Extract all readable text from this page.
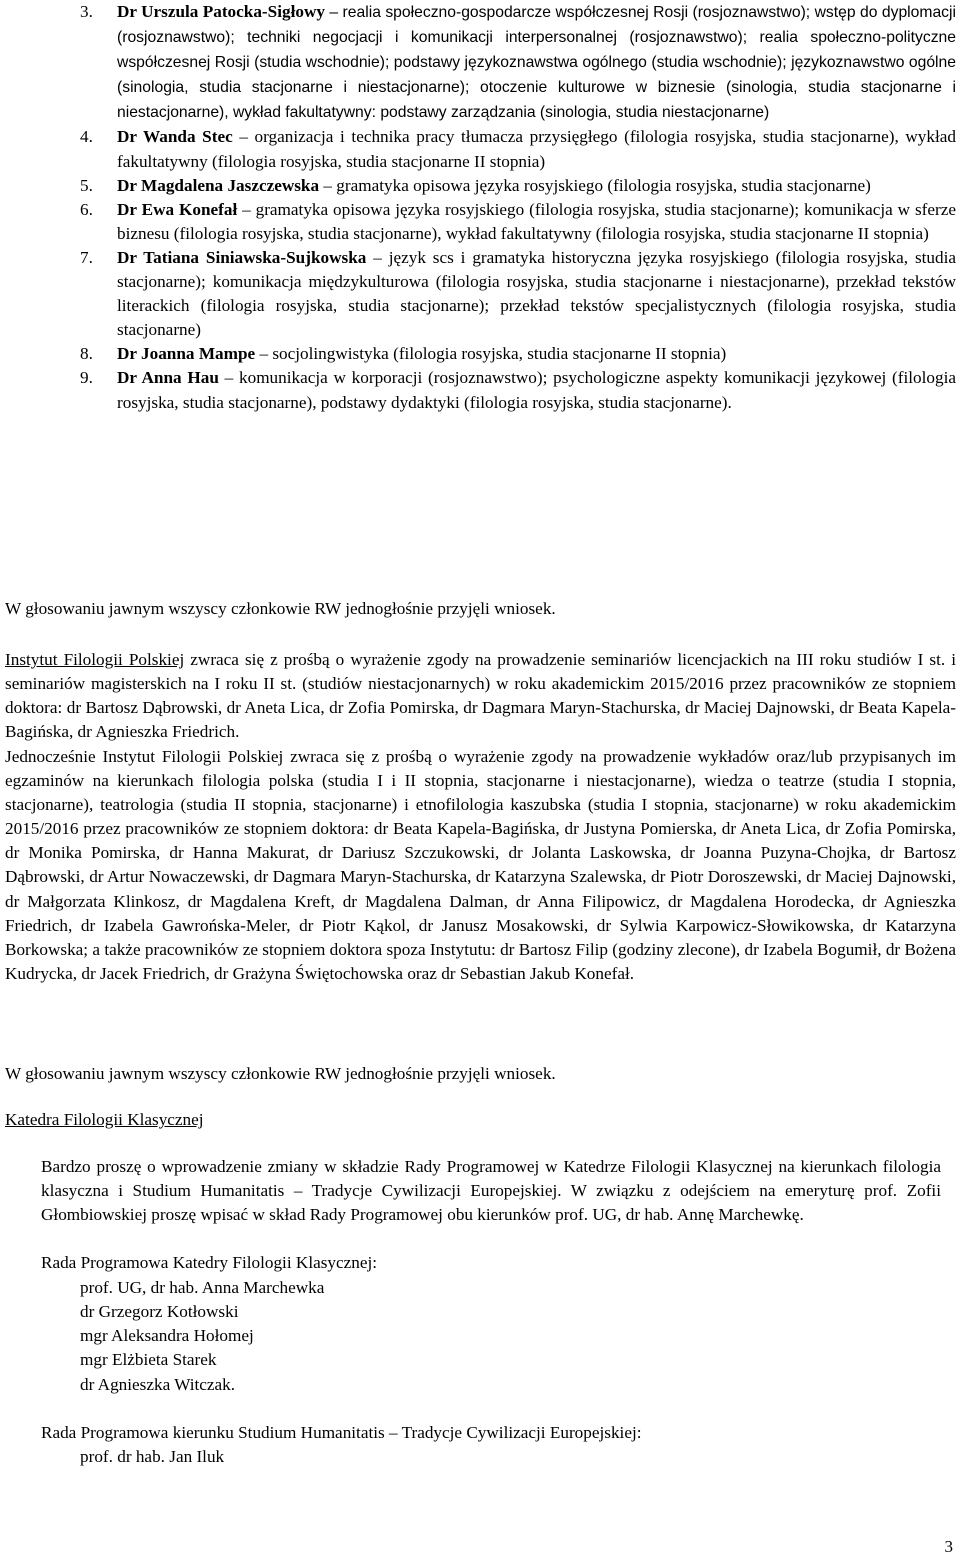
3.	Dr Urszula Patocka-Sigłowy – realia społeczno-gospodarcze współczesnej Rosji (rosjoznawstwo); wstęp do dyplomacji (rosjoznawstwo); techniki negocjacji i komunikacji interpersonalnej (rosjoznawstwo); realia społeczno-polityczne współczesnej Rosji (studia wschodnie); podstawy językoznawstwa ogólnego (studia wschodnie); językoznawstwo ogólne (sinologia, studia stacjonarne i niestacjonarne); otoczenie kulturowe w biznesie (sinologia, studia stacjonarne i niestacjonarne), wykład fakultatywny: podstawy zarządzania (sinologia, studia niestacjonarne)
4.	Dr Wanda Stec – organizacja i technika pracy tłumacza przysięgłego (filologia rosyjska, studia stacjonarne), wykład fakultatywny (filologia rosyjska, studia stacjonarne II stopnia)
5.	Dr Magdalena Jaszczewska – gramatyka opisowa języka rosyjskiego (filologia rosyjska, studia stacjonarne)
6.	Dr Ewa Konefał – gramatyka opisowa języka rosyjskiego (filologia rosyjska, studia stacjonarne); komunikacja w sferze biznesu (filologia rosyjska, studia stacjonarne), wykład fakultatywny (filologia rosyjska, studia stacjonarne II stopnia)
7.	Dr Tatiana Siniawska-Sujkowska – język scs i gramatyka historyczna języka rosyjskiego (filologia rosyjska, studia stacjonarne); komunikacja międzykulturowa (filologia rosyjska, studia stacjonarne i niestacjonarne), przekład tekstów literackich (filologia rosyjska, studia stacjonarne); przekład tekstów specjalistycznych (filologia rosyjska, studia stacjonarne)
8.	Dr Joanna Mampe – socjolingwistyka (filologia rosyjska, studia stacjonarne II stopnia)
9.	Dr Anna Hau – komunikacja w korporacji (rosjoznawstwo); psychologiczne aspekty komunikacji językowej (filologia rosyjska, studia stacjonarne), podstawy dydaktyki (filologia rosyjska, studia stacjonarne).

W głosowaniu jawnym wszyscy członkowie RW jednogłośnie przyjęli wniosek.

Instytut Filologii Polskiej zwraca się z prośbą o wyrażenie zgody na prowadzenie seminariów licencjackich na III roku studiów I st. i seminariów magisterskich na I roku II st. (studiów niestacjonarnych) w roku akademickim 2015/2016 przez pracowników ze stopniem doktora: dr Bartosz Dąbrowski, dr Aneta Lica, dr Zofia Pomirska, dr Dagmara Maryn-Stachurska, dr Maciej Dajnowski, dr Beata Kapela-Bagińska, dr Agnieszka Friedrich.

Jednocześnie Instytut Filologii Polskiej zwraca się z prośbą o wyrażenie zgody na prowadzenie wykładów oraz/lub przypisanych im egzaminów na kierunkach filologia polska (studia I i II stopnia, stacjonarne i niestacjonarne), wiedza o teatrze (studia I stopnia, stacjonarne), teatrologia (studia II stopnia, stacjonarne) i etnofilologia kaszubska (studia I stopnia, stacjonarne) w roku akademickim 2015/2016 przez pracowników ze stopniem doktora: dr Beata Kapela-Bagińska, dr Justyna Pomierska, dr Aneta Lica, dr Zofia Pomirska, dr Monika Pomirska, dr Hanna Makurat, dr Dariusz Szczukowski, dr Jolanta Laskowska, dr Joanna Puzyna-Chojka, dr Bartosz Dąbrowski, dr Artur Nowaczewski, dr Dagmara Maryn-Stachurska, dr Katarzyna Szalewska, dr Piotr Doroszewski, dr Maciej Dajnowski, dr Małgorzata Klinkosz, dr Magdalena Kreft, dr Magdalena Dalman, dr Anna Filipowicz, dr Magdalena Horodecka, dr Agnieszka Friedrich, dr Izabela Gawrońska-Meler, dr Piotr Kąkol, dr Janusz Mosakowski, dr Sylwia Karpowicz-Słowikowska, dr Katarzyna Borkowska; a także pracowników ze stopniem doktora spoza Instytutu: dr Bartosz Filip (godziny zlecone), dr Izabela Bogumił, dr Bożena Kudrycka, dr Jacek Friedrich, dr Grażyna Świętochowska oraz dr Sebastian Jakub Konefał.

W głosowaniu jawnym wszyscy członkowie RW jednogłośnie przyjęli wniosek.

Katedra Filologii Klasycznej

Bardzo proszę o wprowadzenie zmiany w składzie Rady Programowej w Katedrze Filologii Klasycznej na kierunkach filologia klasyczna i Studium Humanitatis – Tradycje Cywilizacji Europejskiej. W związku z odejściem na emeryturę prof. Zofii Głombiowskiej proszę wpisać w skład Rady Programowej obu kierunków prof. UG, dr hab. Annę Marchewkę.

Rada Programowa Katedry Filologii Klasycznej:

prof. UG, dr hab. Anna Marchewka

dr Grzegorz Kotłowski

mgr Aleksandra Hołomej

mgr Elżbieta Starek

dr Agnieszka Witczak.

Rada Programowa kierunku Studium Humanitatis – Tradycje Cywilizacji Europejskiej:

prof. dr hab. Jan Iluk

3
